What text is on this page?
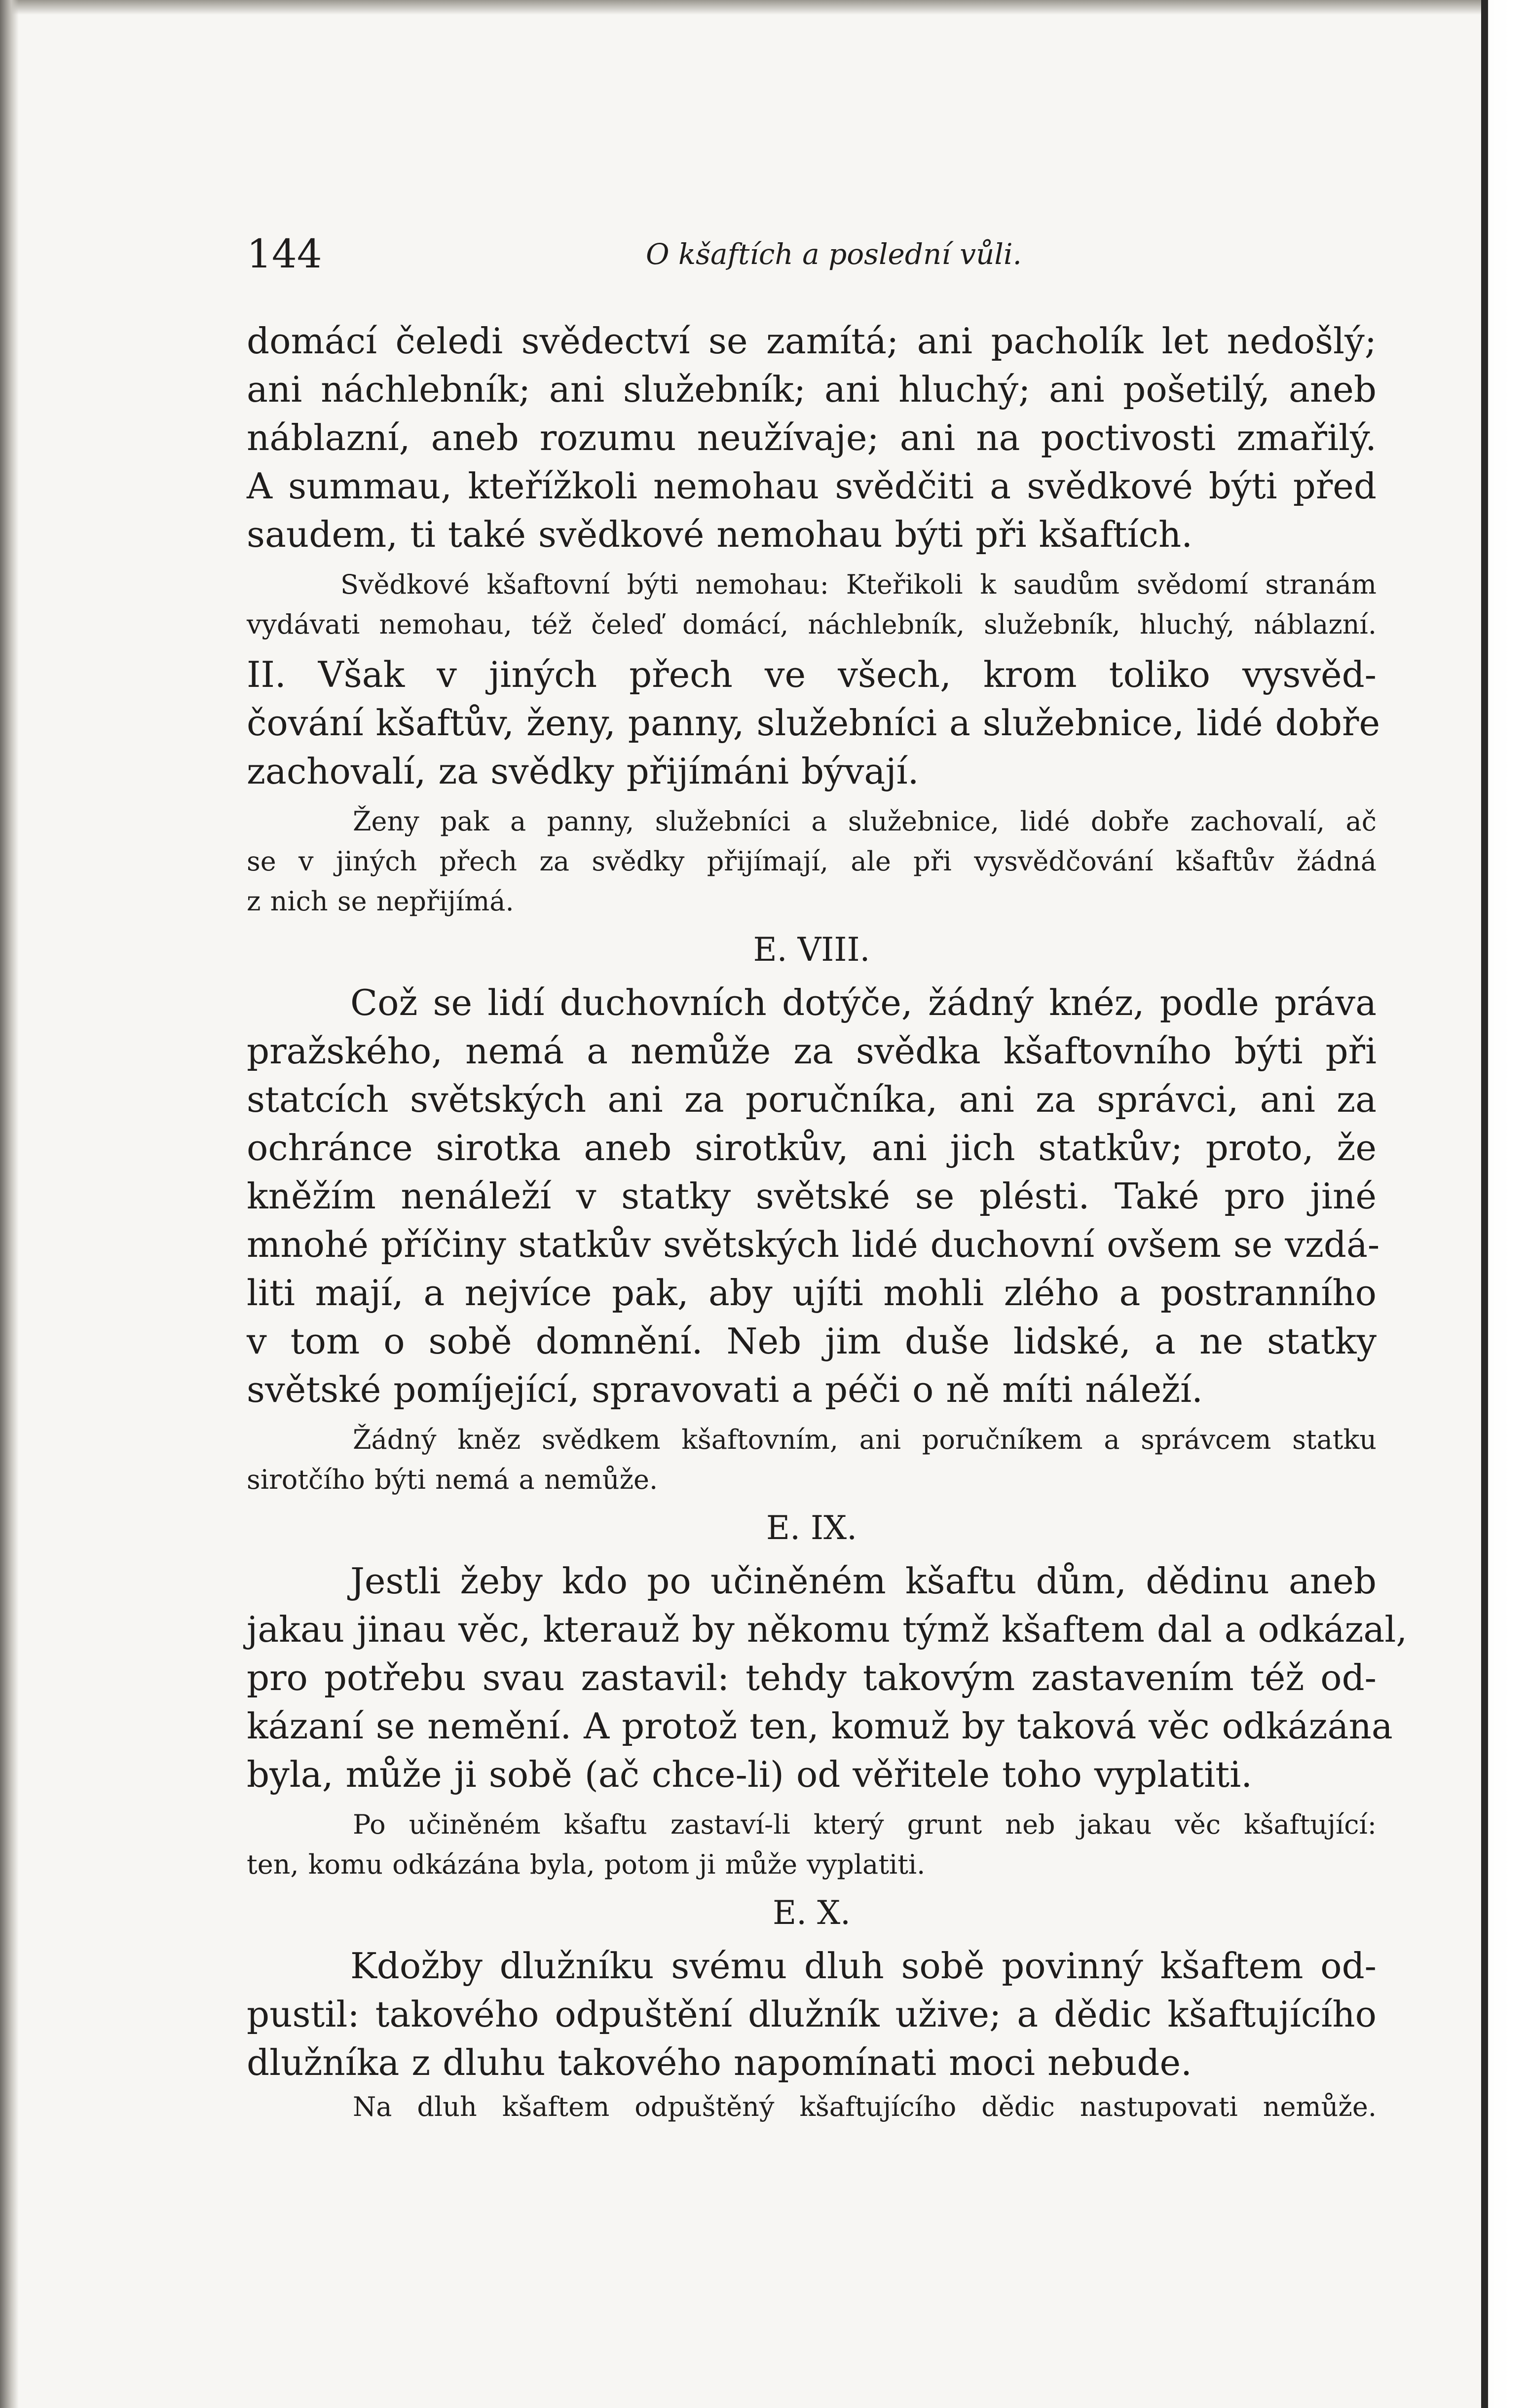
144	O kšaftích a poslední vůli.
domácí čeledi svědectví se zamítá; ani pacholík let nedošlý;
ani náchlebník; ani služebník; ani hluchý; ani pošetilý, aneb
náblazní, aneb rozumu neužívaje; ani na poctivosti zmařilý.
A summau, kteřížkoli nemohau svědčiti a svědkové býti před
saudem, ti také svědkové nemohau býti při kšaftích.
Svědkové kšaftovní býti nemohau: Kteřikoli k saudům svědomí stranám
vydávati nemohau, též čeleď domácí, náchlebník, služebník, hluchý, náblazní.
II. Však v jiných přech ve všech, krom toliko vysvěd-
čování kšaftův, ženy, panny, služebníci a služebnice, lidé dobře
zachovalí, za svědky přijímáni bývají.
Ženy pak a panny, služebníci a služebnice, lidé dobře zachovalí, ač
se v jiných přech za svědky přijímají, ale při vysvědčování kšaftův žádná
z nich se nepřijímá.
E. VIII.
Což se lidí duchovních dotýče, žádný knéz, podle práva
pražského, nemá a nemůže za svědka kšaftovního býti při
statcích světských ani za poručníka, ani za správci, ani za
ochránce sirotka aneb sirotkův, ani jich statkův; proto, že
kněžím nenáleží v statky světské se plésti. Také pro jiné
mnohé příčiny statkův světských lidé duchovní ovšem se vzdá-
liti mají, a nejvíce pak, aby ujíti mohli zlého a postranního
v tom o sobě domnění. Neb jim duše lidské, a ne statky
světské pomíjející, spravovati a péči o ně míti náleží.
Žádný kněz svědkem kšaftovním, ani poručníkem a správcem statku
sirotčího býti nemá a nemůže.
E. IX.
Jestli žeby kdo po učiněném kšaftu dům, dědinu aneb
jakau jinau věc, kterauž by někomu týmž kšaftem dal a odkázal,
pro potřebu svau zastavil: tehdy takovým zastavením též od-
kázaní se nemění. A protož ten, komuž by taková věc odkázána
byla, může ji sobě (ač chce-li) od věřitele toho vyplatiti.
Po učiněném kšaftu zastaví-li který grunt neb jakau věc kšaftující:
ten, komu odkázána byla, potom ji může vyplatiti.
E. X.
Kdožby dlužníku svému dluh sobě povinný kšaftem od-
pustil: takového odpuštění dlužník užive; a dědic kšaftujícího
dlužníka z dluhu takového napomínati moci nebude.
Na dluh kšaftem odpuštěný kšaftujícího dědic nastupovati nemůže.
